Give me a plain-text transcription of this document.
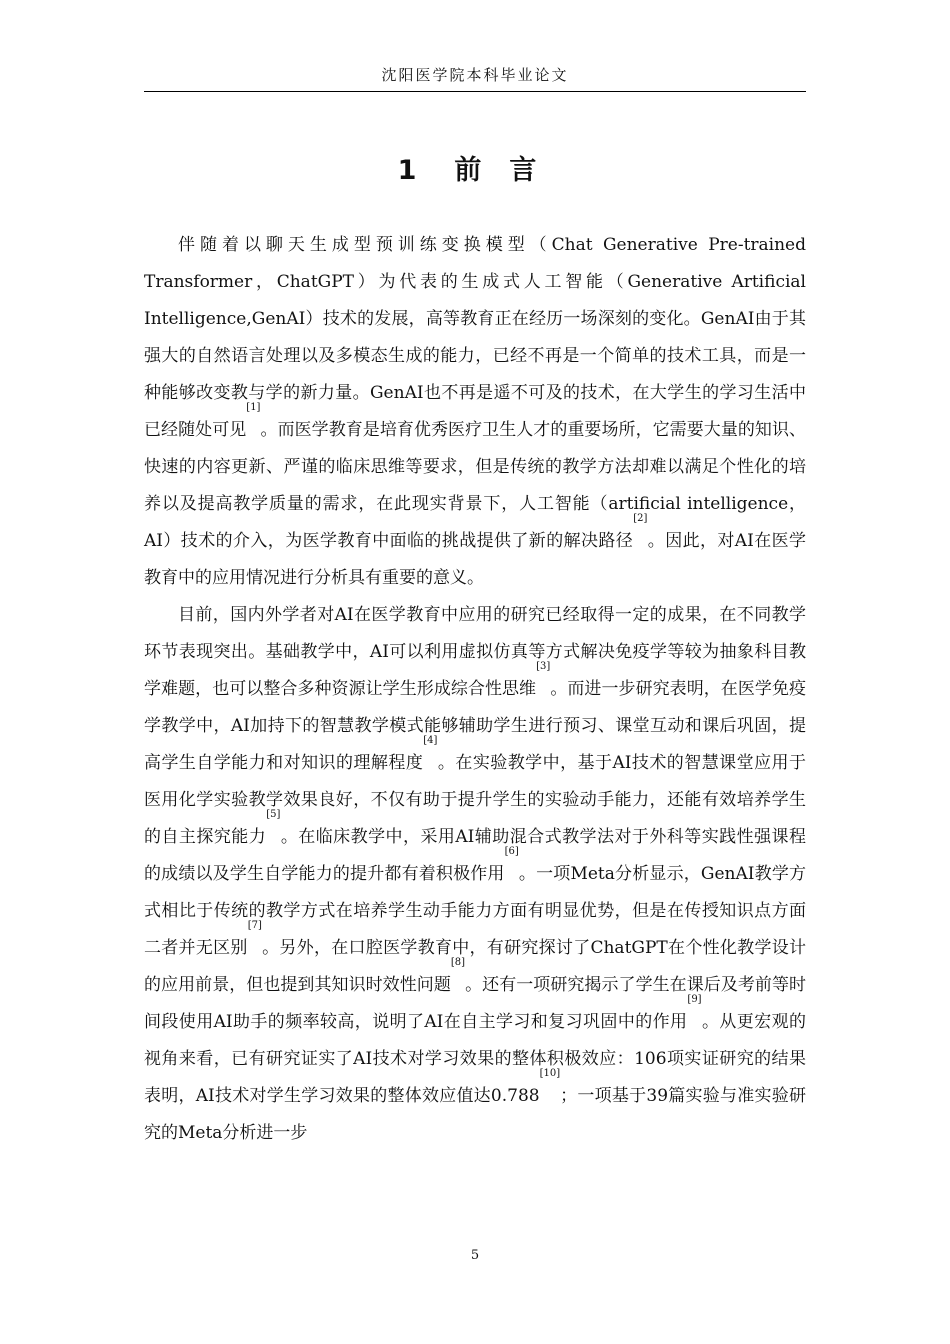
沈阳医学院本科毕业论文
1 前 言

伴随着以聊天生成型预训练变换模型（Chat Generative Pre-trained Transformer，ChatGPT）为代表的生成式人工智能（Generative Artificial Intelligence,GenAI）技术的发展，高等教育正在经历一场深刻的变化。GenAI由于其强大的自然语言处理以及多模态生成的能力，已经不再是一个简单的技术工具，而是一种能够改变教与学的新力量。GenAI也不再是遥不可及的技术，在大学生的学习生活中已经随处可见[1]。而医学教育是培育优秀医疗卫生人才的重要场所，它需要大量的知识、快速的内容更新、严谨的临床思维等要求，但是传统的教学方法却难以满足个性化的培养以及提高教学质量的需求，在此现实背景下，人工智能（artificial intelligence，AI）技术的介入，为医学教育中面临的挑战提供了新的解决路径[2]。因此，对AI在医学教育中的应用情况进行分析具有重要的意义。

目前，国内外学者对AI在医学教育中应用的研究已经取得一定的成果，在不同教学环节表现突出。基础教学中，AI可以利用虚拟仿真等方式解决免疫学等较为抽象科目教学难题，也可以整合多种资源让学生形成综合性思维[3]。而进一步研究表明，在医学免疫学教学中，AI加持下的智慧教学模式能够辅助学生进行预习、课堂互动和课后巩固，提高学生自学能力和对知识的理解程度[4]。在实验教学中，基于AI技术的智慧课堂应用于医用化学实验教学效果良好，不仅有助于提升学生的实验动手能力，还能有效培养学生的自主探究能力[5]。在临床教学中，采用AI辅助混合式教学法对于外科等实践性强课程的成绩以及学生自学能力的提升都有着积极作用[6]。一项Meta分析显示，GenAI教学方式相比于传统的教学方式在培养学生动手能力方面有明显优势，但是在传授知识点方面二者并无区别[7]。另外，在口腔医学教育中，有研究探讨了ChatGPT在个性化教学设计的应用前景，但也提到其知识时效性问题[8]。还有一项研究揭示了学生在课后及考前等时间段使用AI助手的频率较高，说明了AI在自主学习和复习巩固中的作用[9]。从更宏观的视角来看，已有研究证实了AI技术对学习效果的整体积极效应：106项实证研究的结果表明，AI技术对学生学习效果的整体效应值达0.788[10]；一项基于39篇实验与准实验研究的Meta分析进一步

5
